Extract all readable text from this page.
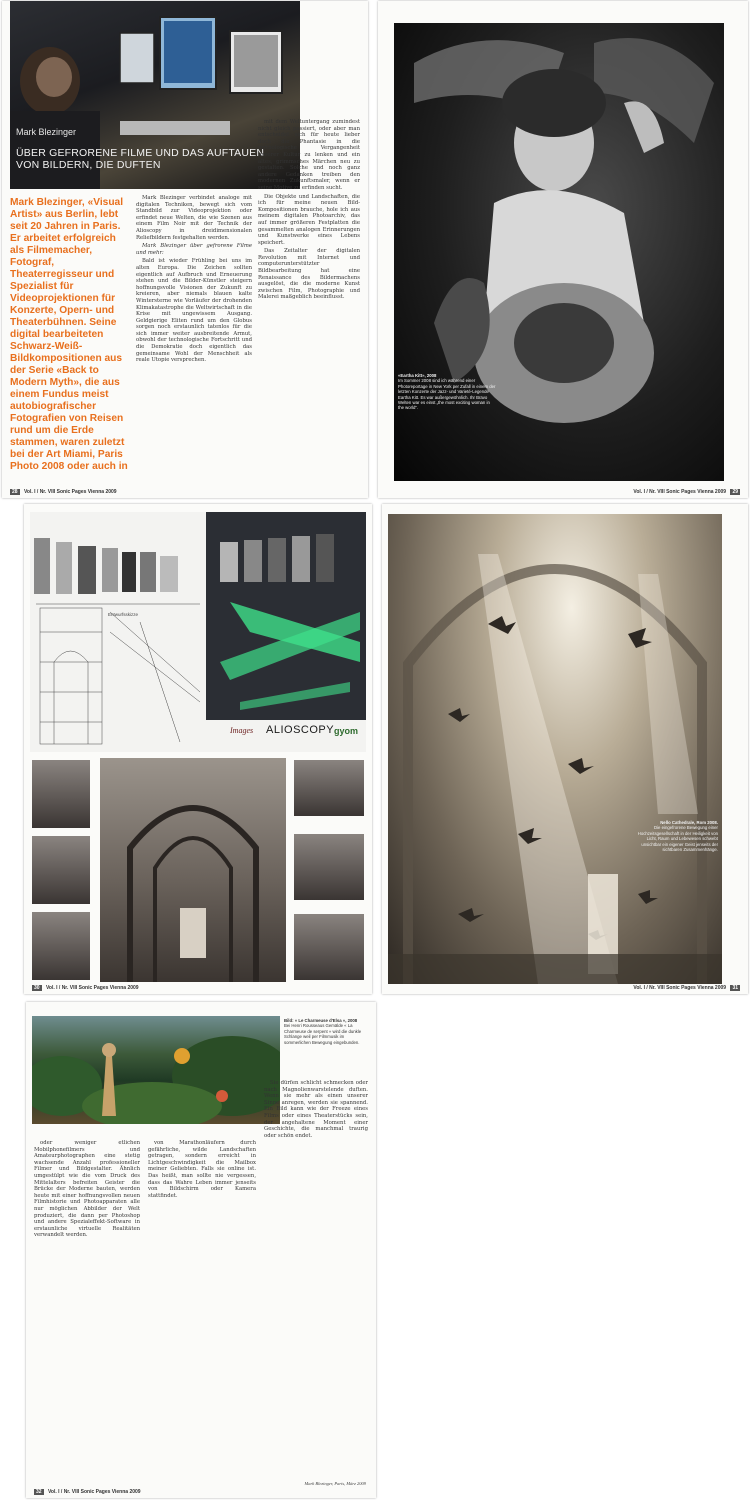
Mark Blezinger
ÜBER GEFRORENE FILME UND DAS AUFTAUEN VON BILDERN, DIE DUFTEN
Mark Blezinger, «Visual Artist» aus Berlin, lebt seit 20 Jahren in Paris. Er arbeitet erfolgreich als Filmemacher, Fotograf, Theaterregisseur und Spezialist für Videoprojektionen für Konzerte, Opern- und Theaterbühnen. Seine digital bearbeiteten Schwarz-Weiß-Bildkompositionen aus der Serie «Back to Modern Myth», die aus einem Fundus meist autobiografischer Fotografien von Reisen rund um die Erde stammen, waren zuletzt bei der Art Miami, Paris Photo 2008 oder auch in

Mark Blezinger verbindet analoge mit digitalen Techniken, bewegt sich vom Standbild zur Videoprojektion oder erfindet neue Welten, die wie Szenen aus einem Film Noir mit der Technik der Alioscopy in dreidimensionalen Reliefbildern festgehalten werden.

Mark Blezinger über gefrorene Filme und mehr:

Bald ist wieder Frühling bei uns im alten Europa. Die Zeichen sollten eigentlich auf Aufbruch und Erneuerung stehen und die Bilder-Künstler steigern hoffnungsvolle Visionen der Zukunft zu kreieren, aber niemals blauen kalte Wintersterne wie Vorläufer der drohenden Klimakatastrophe die Weltwirtschaft in die Krise mit ungewissem Ausgang. Geldgierige Eliten rund um den Globus sorgen noch erstaunlich tatenlos für die sich immer weiter ausbreitende Armut, obwohl der technologische Fortschritt und die Demokratie doch eigentlich das gemeinsame Wohl der Menschheit als reale Utopie versprechen.

mit dem Weltuntergang zumindest nicht gleich passiert, oder aber man entscheidet sich für heute lieber doch die Phantasie in die mythologische Vergangenheit unserer Kultur zu lenken und ein altes, grimmsches Märchen neu zu gestalten. Solche und noch ganz andere Gedanken treiben den modernen Zukunftsmaler, wenn er seine Motive zu erfinden sucht.

Die Objekte und Landschaften, die ich für meine neuen Bild-Kompositionen brauche, hole ich aus meinem digitalen Photoarchiv, das auf immer größeren Festplatten die gesammelten analogen Erinnerungen und Kunstwerke eines Lebens speichert.

Das Zeitalter der digitalen Revolution mit Internet und computerunterstützter Bildbearbeitung hat eine Renaissance des Bildermachens ausgelöst, die die moderne Kunst zwischen Film, Photographie und Malerei maßgeblich beeinflusst.

28 Vol. I / Nr. VIII Sonic Pages Vienna 2009
«Eartha Kitt», 2008
Im Sommer 2008 sind ich während einer Photoreportage in New York per Zufall in einem der letzten Konzerte der Jazz- und Varieté-Legende Eartha Kitt. Es war außergewöhnlich. Ihr Bravo Welten war es einst „the most exciting woman in the world“.
Vol. I / Nr. VIII Sonic Pages Vienna 2009 29
Entwurfsskizze
Images ALIOSCOPY gyom
30 Vol. I / Nr. VIII Sonic Pages Vienna 2009
Nello Cathedrale, Rom 2008.
Die eingefrorene Bewegung einer Hochzeitsgesellschaft in der Heiligkeit von Licht, Raum und Lebewesen schwebt unsichtbar ein eigener Geist jenseits der sichtbaren Zusammenhänge.
Vol. I / Nr. VIII Sonic Pages Vienna 2009 31
Bild: « Le Charmeuse d'Elsa », 2008
Bei Henri Rousseaus Gemälde « La Charmeuse de serpent » wird die dunkle Schlange weil per Filmmusik im sommerlichen Bewegung eingebunden.

oder weniger etlichen Mobilphonefilmers und Amateurphotographen eine stetig wachsende Anzahl professioneller Filmer und Bildgestalter. Ähnlich umgestülpt wie die vom Druck des Mittelalters befreiten Geister die Brücke der Moderne bauten, werden heute mit einer hoffnungsvollen neuen Filmhistorie und Photoapparaten alle nur möglichen Abbilder der Welt produziert, die dann per Photoshop und andere Spezialeffekt-Software in erstaunliche virtuelle Realitäten verwandelt werden.

von Marathonläufern durch gefährliche, wilde Landschaften getragen, sondern erreicht in Lichtgeschwindigkeit die Mailbox meiner Geliebten. Falls sie online ist. Das heißt, man sollte nie vergessen, dass das Wahre Leben immer jenseits von Bildschirm oder Kamera stattfindet.

Sie dürfen schlicht schmecken oder nach Magnolienwarstelende duften. Wenn sie mehr als einen unserer Sinne anregen, werden sie spannend. Ein Bild kann wie der Freeze eines Films oder eines Theaterstücks sein, der angehaltene Moment einer Geschichte, die manchmal traurig oder schön endet.

Mark Blezinger, Paris, März 2009
32 Vol. I / Nr. VIII Sonic Pages Vienna 2009
